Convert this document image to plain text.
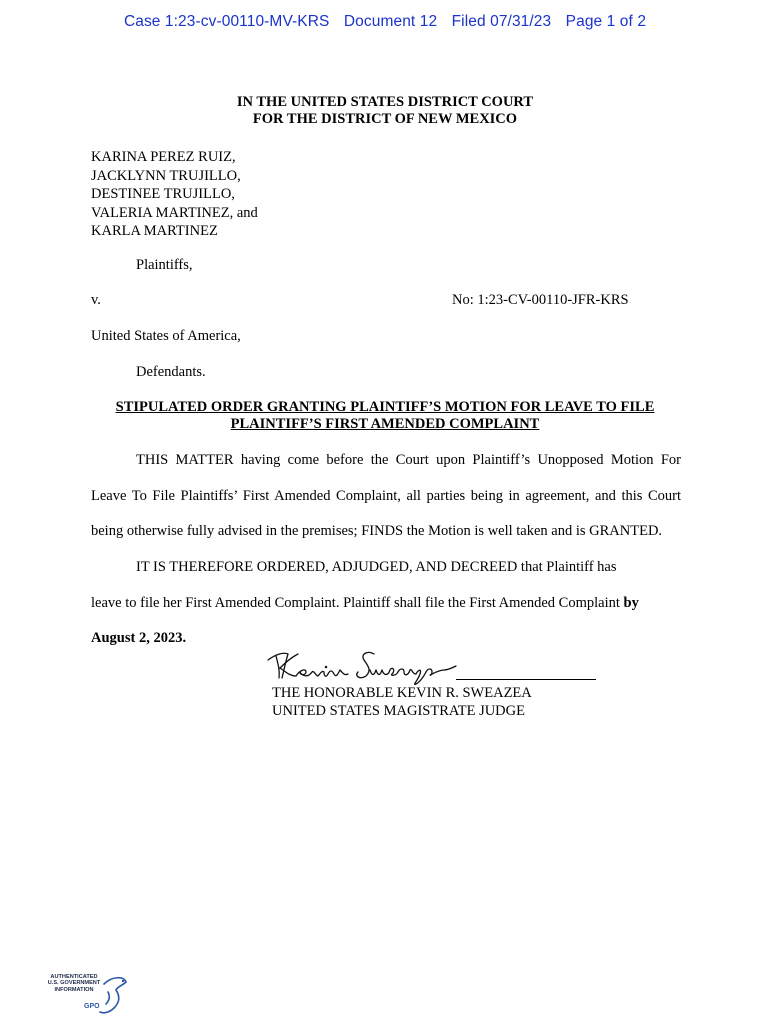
Case 1:23-cv-00110-MV-KRS Document 12 Filed 07/31/23 Page 1 of 2
IN THE UNITED STATES DISTRICT COURT
FOR THE DISTRICT OF NEW MEXICO
KARINA PEREZ RUIZ,
JACKLYNN TRUJILLO,
DESTINEE TRUJILLO,
VALERIA MARTINEZ, and
KARLA MARTINEZ
Plaintiffs,
v.	No: 1:23-CV-00110-JFR-KRS
United States of America,
Defendants.
STIPULATED ORDER GRANTING PLAINTIFF’S MOTION FOR LEAVE TO FILE
PLAINTIFF’S FIRST AMENDED COMPLAINT
THIS MATTER having come before the Court upon Plaintiff’s Unopposed Motion For
Leave To File Plaintiffs’ First Amended Complaint, all parties being in agreement, and this Court
being otherwise fully advised in the premises; FINDS the Motion is well taken and is GRANTED.
IT IS THEREFORE ORDERED, ADJUDGED, AND DECREED that Plaintiff has
leave to file her First Amended Complaint. Plaintiff shall file the First Amended Complaint by
August 2, 2023.
THE HONORABLE KEVIN R. SWEAZEA
UNITED STATES MAGISTRATE JUDGE
AUTHENTICATED
U.S. GOVERNMENT
INFORMATION
GPO
